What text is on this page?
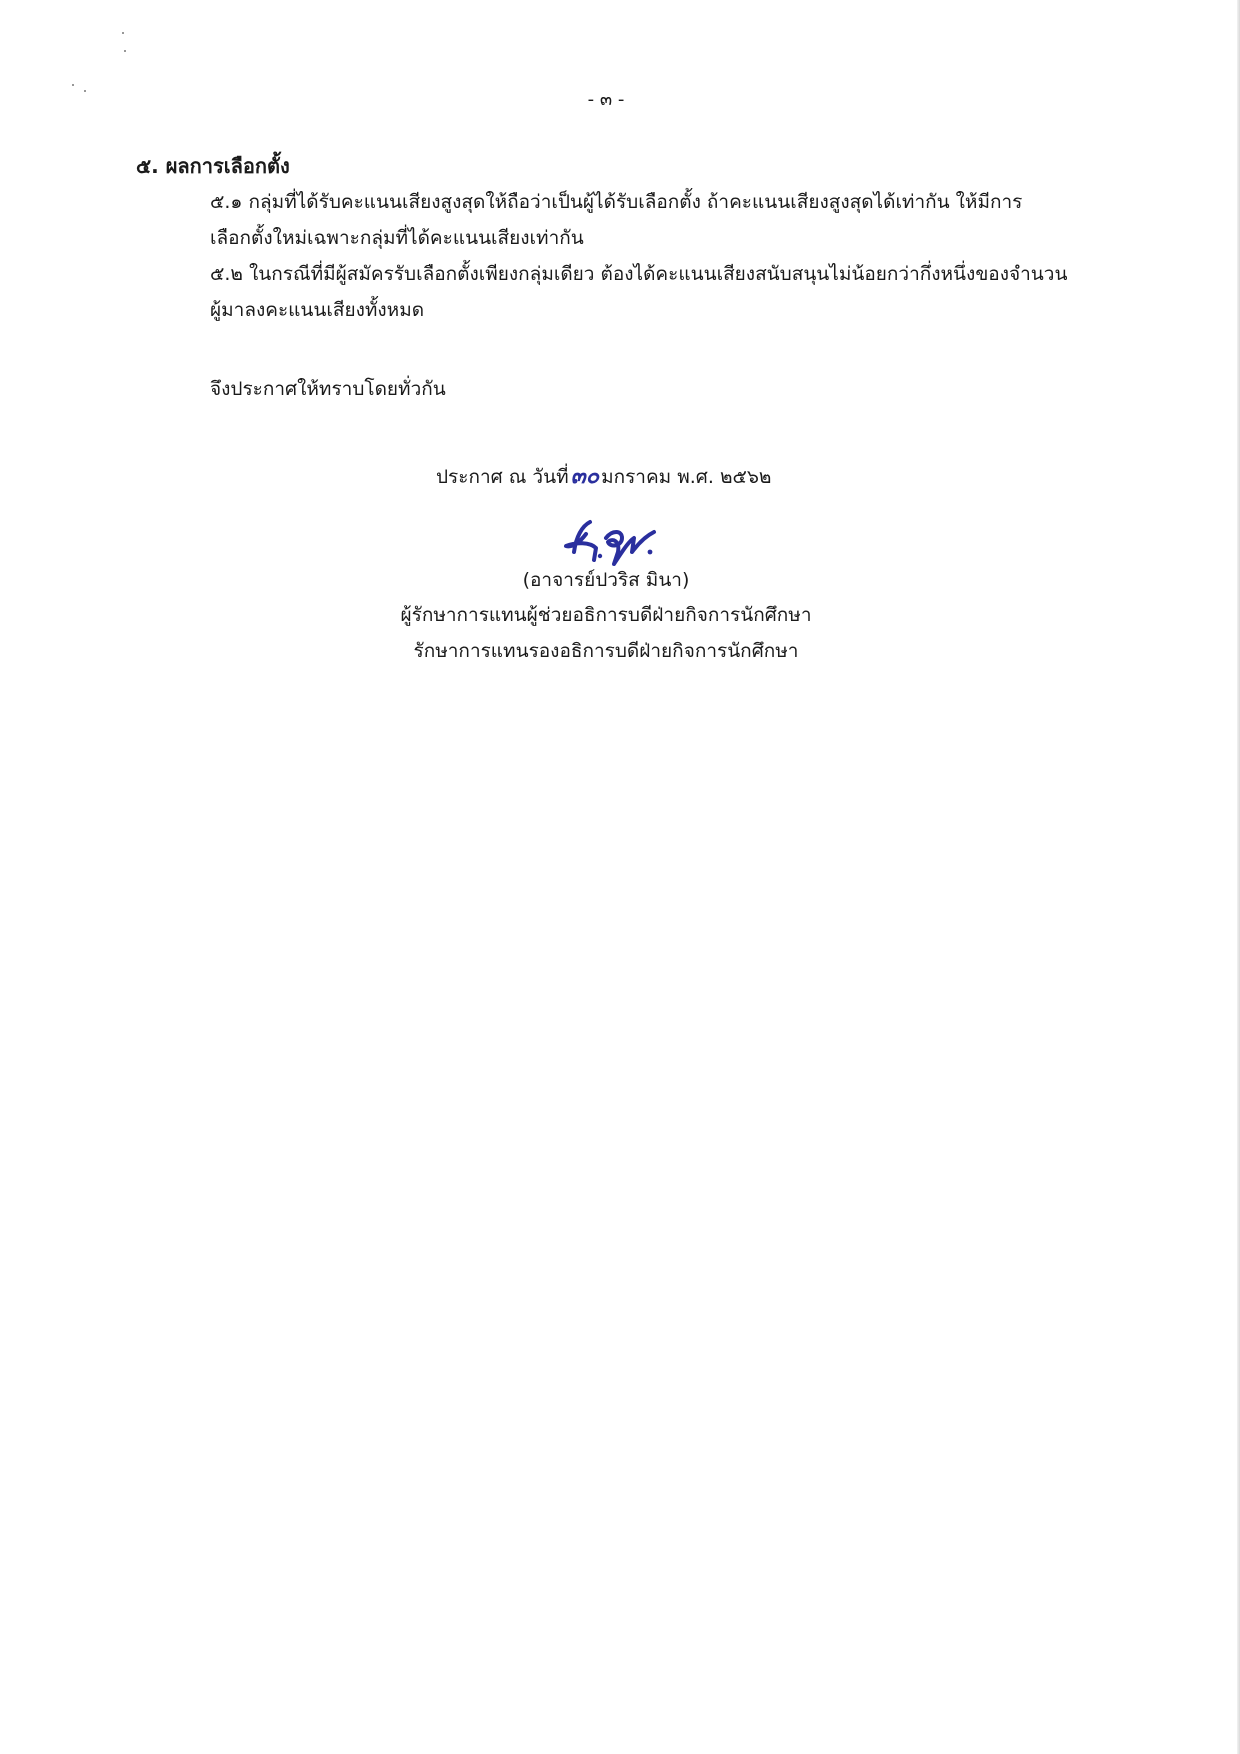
- ๓ -
๕. ผลการเลือกตั้ง
๕.๑ กลุ่มที่ได้รับคะแนนเสียงสูงสุดให้ถือว่าเป็นผู้ได้รับเลือกตั้ง ถ้าคะแนนเสียงสูงสุดได้เท่ากัน ให้มีการ
เลือกตั้งใหม่เฉพาะกลุ่มที่ได้คะแนนเสียงเท่ากัน
๕.๒ ในกรณีที่มีผู้สมัครรับเลือกตั้งเพียงกลุ่มเดียว ต้องได้คะแนนเสียงสนับสนุนไม่น้อยกว่ากึ่งหนึ่งของจำนวน
ผู้มาลงคะแนนเสียงทั้งหมด
จึงประกาศให้ทราบโดยทั่วกัน
ประกาศ ณ วันที่๓๐ มกราคม พ.ศ. ๒๕๖๒
(อาจารย์ปวริส มินา)
ผู้รักษาการแทนผู้ช่วยอธิการบดีฝ่ายกิจการนักศึกษา
รักษาการแทนรองอธิการบดีฝ่ายกิจการนักศึกษา
